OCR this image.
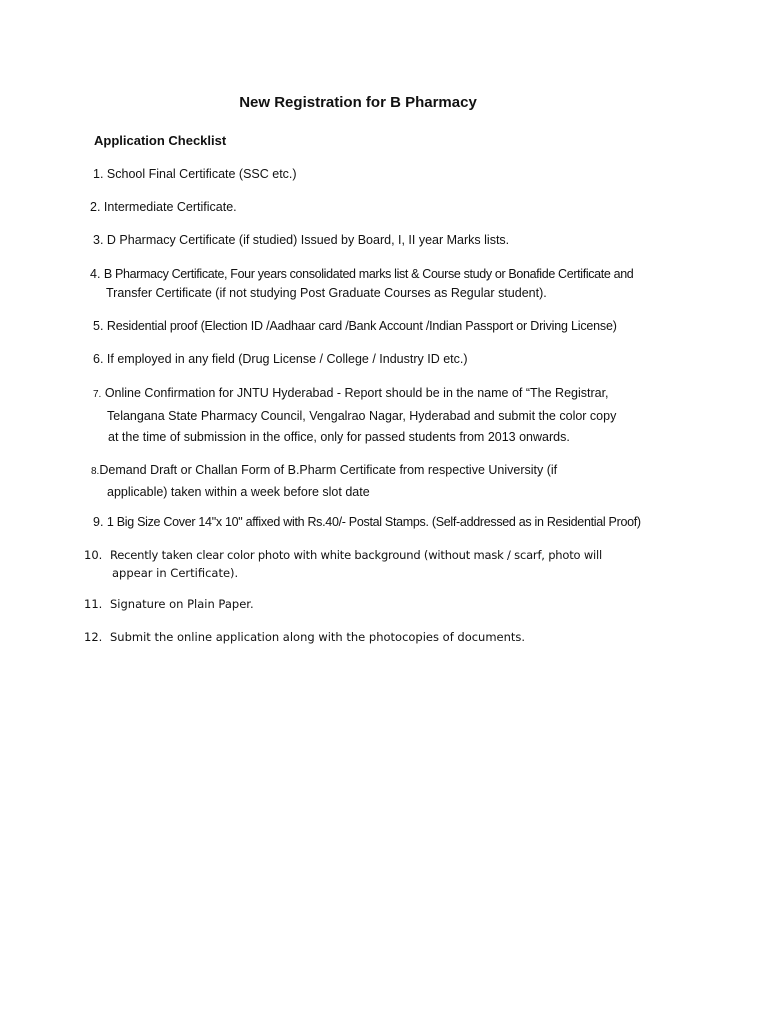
New Registration for B Pharmacy
Application Checklist
1. School Final Certificate (SSC etc.)
2. Intermediate Certificate.
3. D Pharmacy Certificate (if studied) Issued by Board, I, II year Marks lists.
4. B Pharmacy Certificate, Four years consolidated marks list & Course study or Bonafide Certificate and
Transfer Certificate (if not studying Post Graduate Courses as Regular student).
5. Residential proof (Election ID /Aadhaar card /Bank Account /Indian Passport or Driving License)
6. If employed in any field (Drug License / College / Industry ID etc.)
7. Online Confirmation for JNTU Hyderabad - Report should be in the name of “The Registrar,
Telangana State Pharmacy Council, Vengalrao Nagar, Hyderabad and submit the color copy
at the time of submission in the office, only for passed students from 2013 onwards.
8.Demand Draft or Challan Form of B.Pharm Certificate from respective University (if
applicable) taken within a week before slot date
9. 1 Big Size Cover 14"x 10" affixed with Rs.40/- Postal Stamps. (Self-addressed as in Residential Proof)
10. Recently taken clear color photo with white background (without mask / scarf, photo will
appear in Certificate).
11. Signature on Plain Paper.
12. Submit the online application along with the photocopies of documents.
